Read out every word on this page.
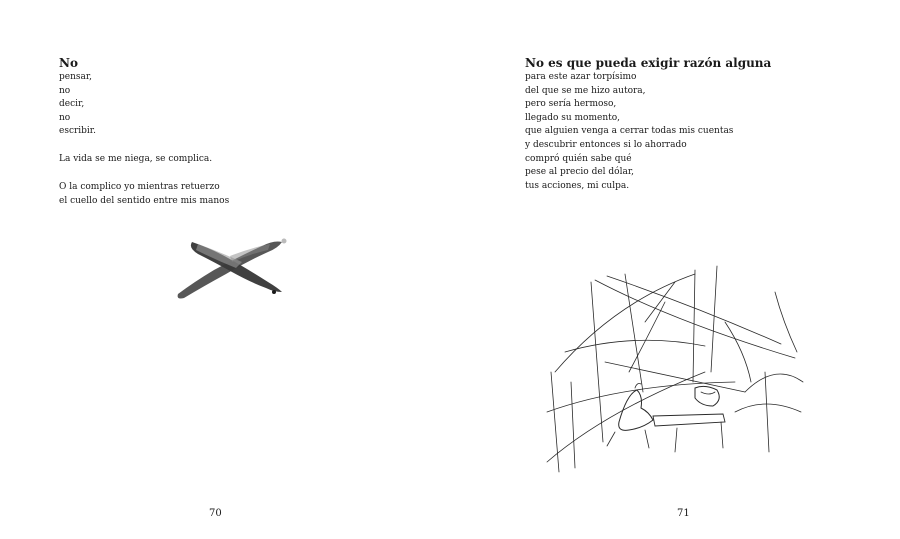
No
pensar,
no
decir,
no
escribir.
La vida se me niega, se complica.
O la complico yo mientras retuerzo
el cuello del sentido entre mis manos
70
No es que pueda exigir razón alguna
para este azar torpísimo
del que se me hizo autora,
pero sería hermoso,
llegado su momento,
que alguien venga a cerrar todas mis cuentas
y descubrir entonces si lo ahorrado
compró quién sabe qué
pese al precio del dólar,
tus acciones, mi culpa.
71
